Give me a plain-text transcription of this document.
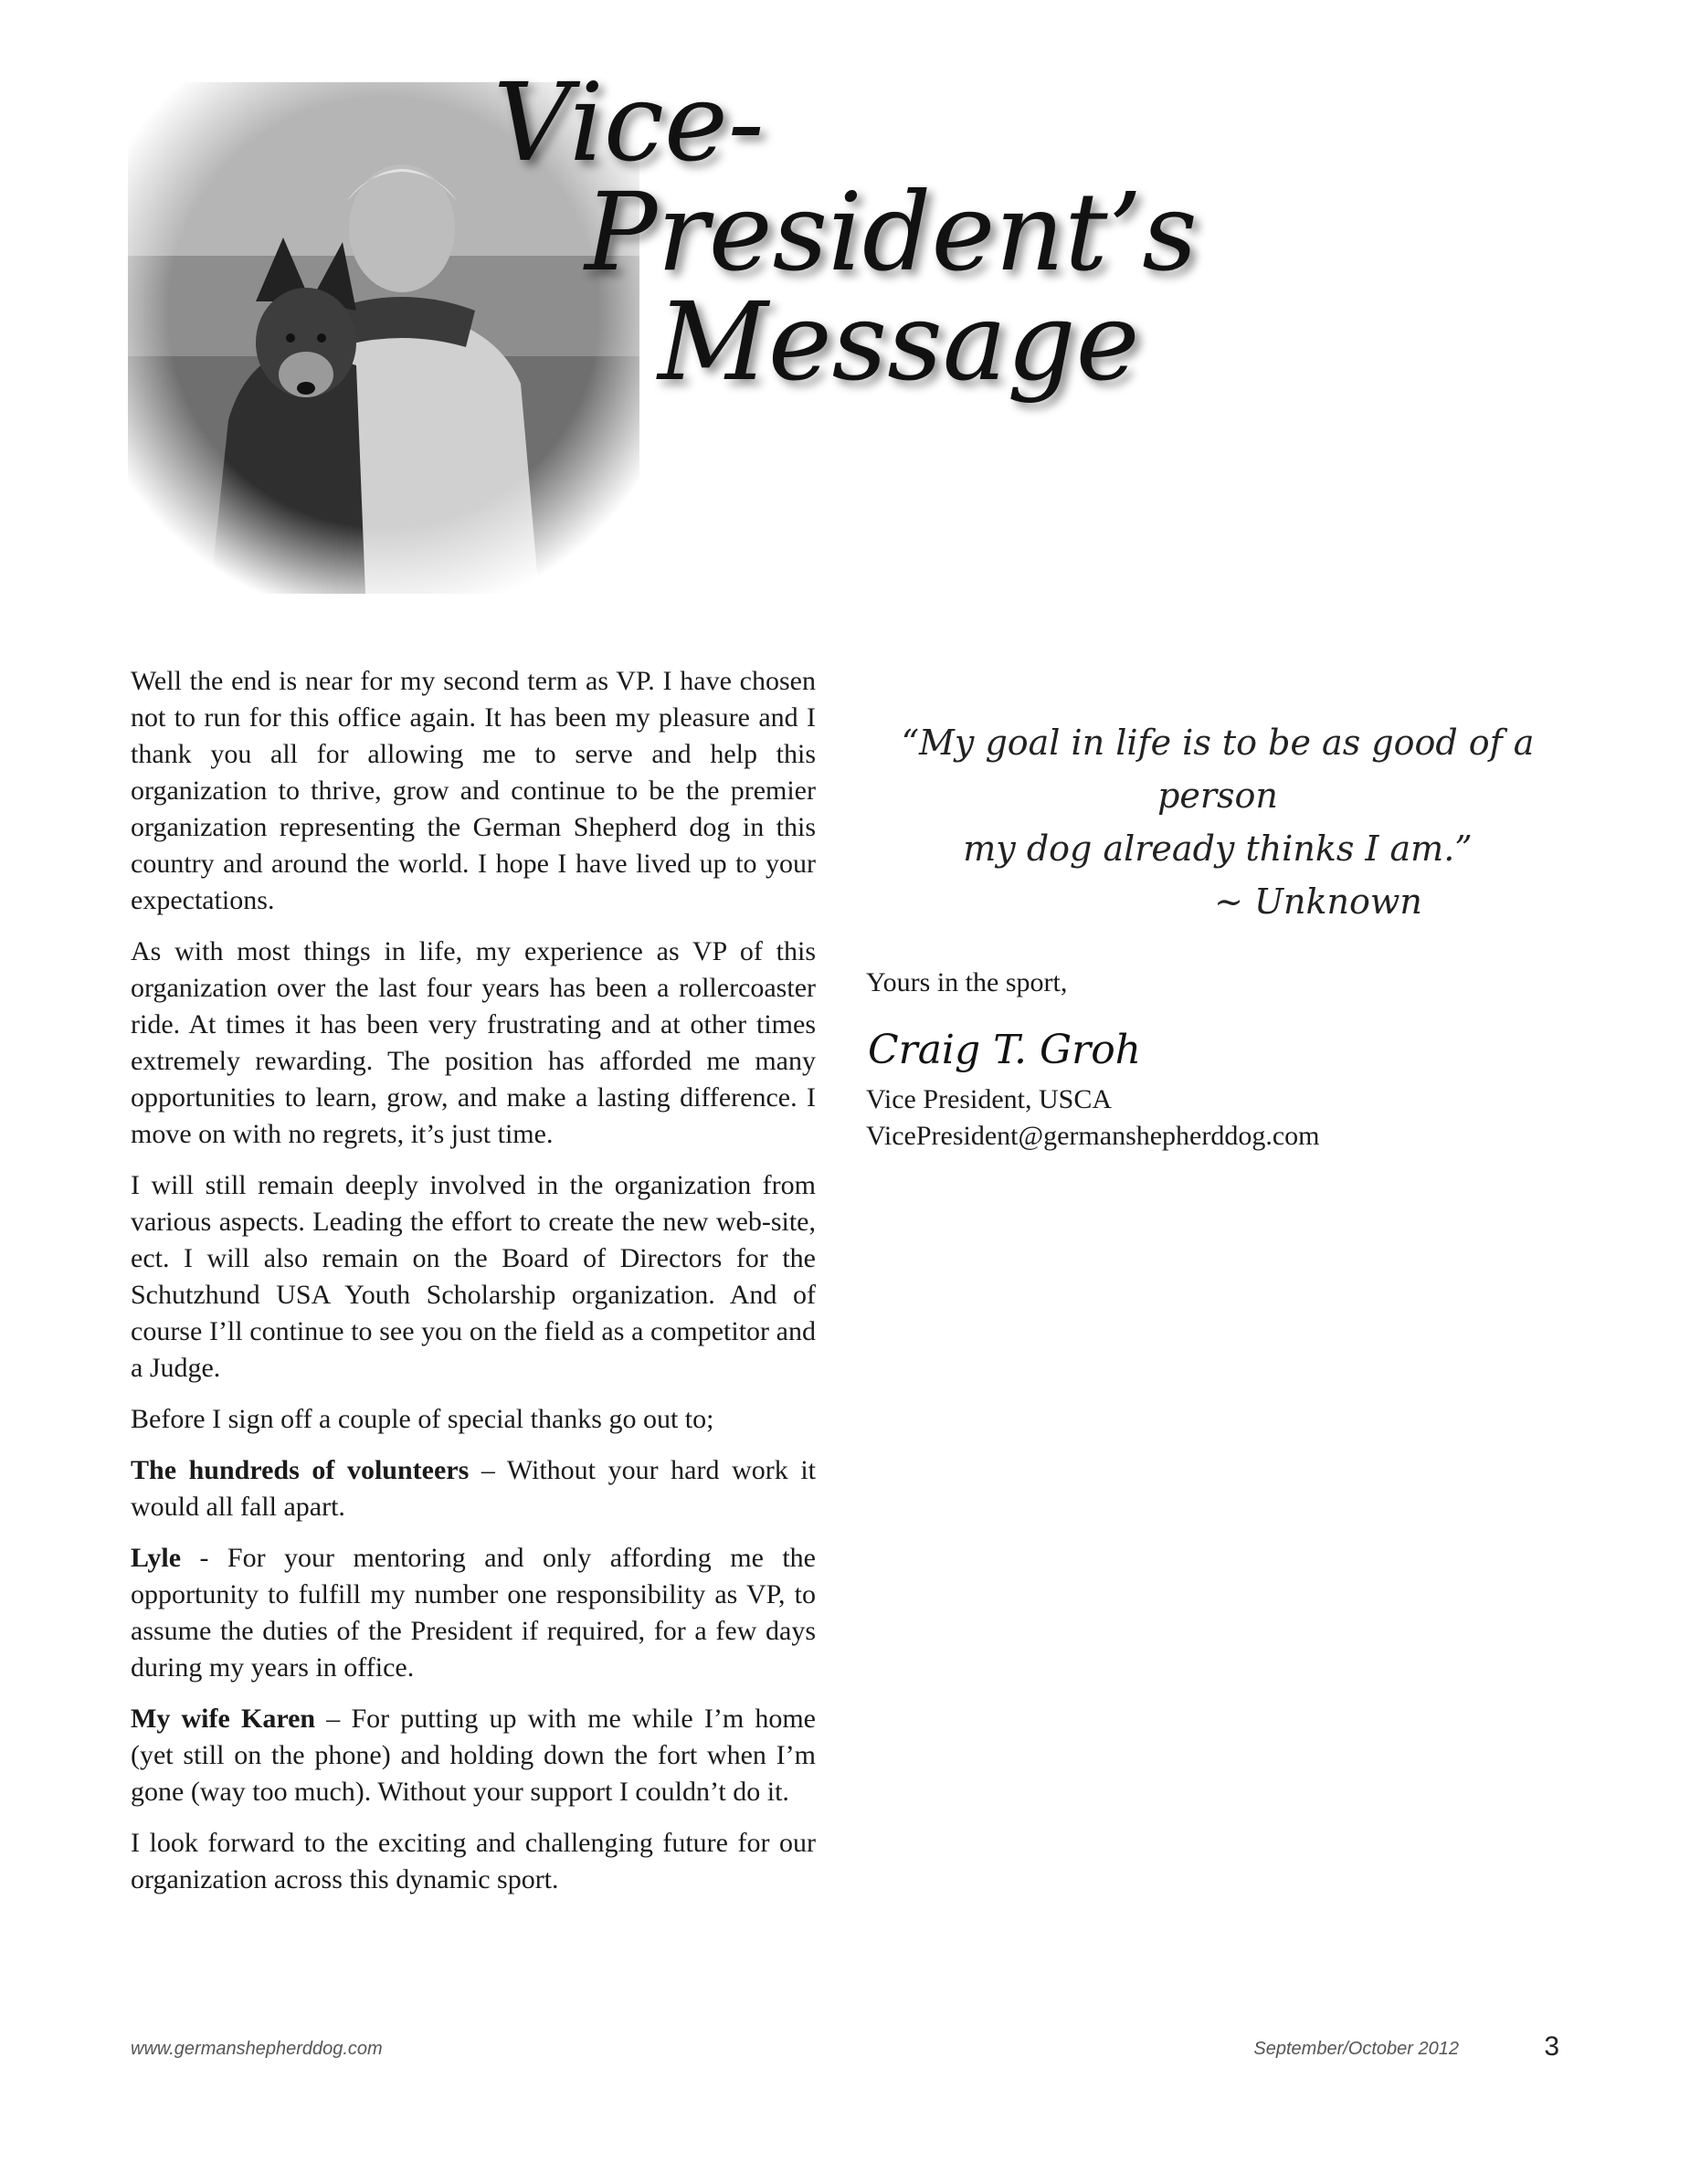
Vice-
President’s
Message

Well the end is near for my second term as VP. I have chosen not to run for this office again. It has been my pleasure and I thank you all for allowing me to serve and help this organization to thrive, grow and continue to be the premier organization representing the German Shepherd dog in this country and around the world. I hope I have lived up to your expectations.

As with most things in life, my experience as VP of this organization over the last four years has been a rollercoaster ride. At times it has been very frustrating and at other times extremely rewarding. The position has afforded me many opportunities to learn, grow, and make a lasting difference. I move on with no regrets, it’s just time.

I will still remain deeply involved in the organization from various aspects. Leading the effort to create the new web-site, ect. I will also remain on the Board of Directors for the Schutzhund USA Youth Scholarship organization. And of course I’ll continue to see you on the field as a competitor and a Judge.

Before I sign off a couple of special thanks go out to;

The hundreds of volunteers – Without your hard work it would all fall apart.

Lyle - For your mentoring and only affording me the opportunity to fulfill my number one responsibility as VP, to assume the duties of the President if required, for a few days during my years in office.

My wife Karen – For putting up with me while I’m home (yet still on the phone) and holding down the fort when I’m gone (way too much). Without your support I couldn’t do it.

I look forward to the exciting and challenging future for our organization across this dynamic sport.

“My goal in life is to be as good of a person
my dog already thinks I am.”
~ Unknown
Yours in the sport,
Craig T. Groh
Vice President, USCA
VicePresident@germanshepherddog.com
www.germanshepherddog.com	September/October 2012	3
